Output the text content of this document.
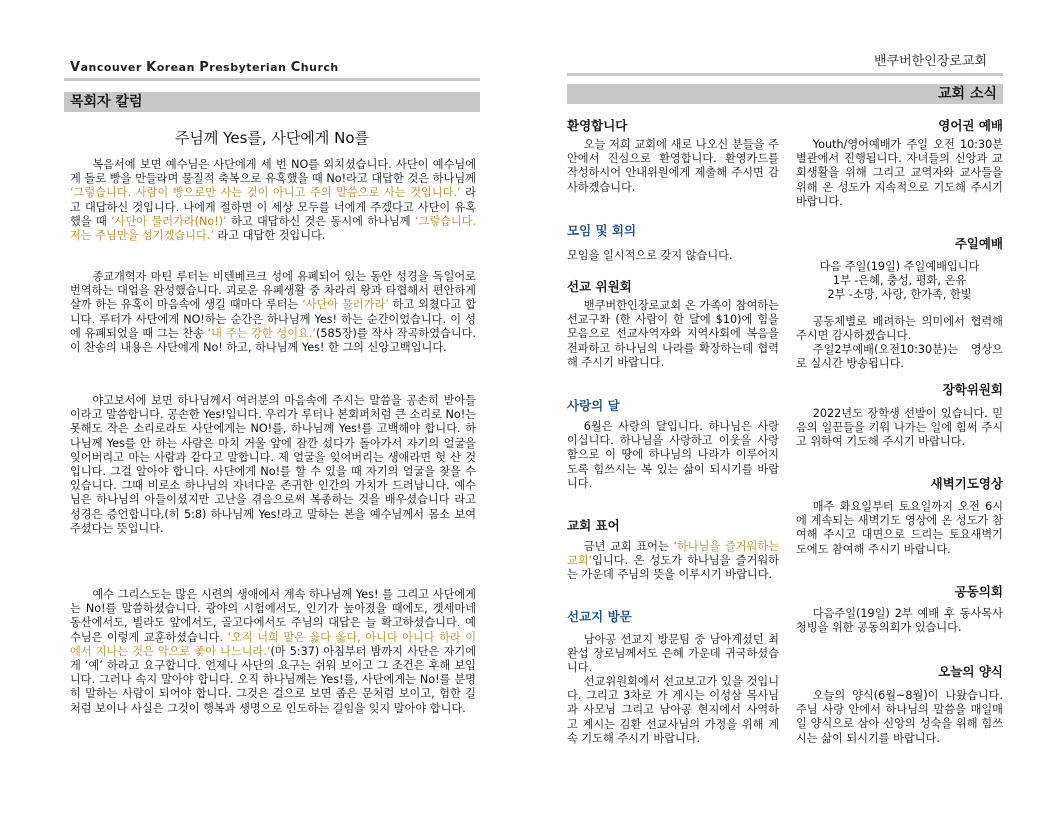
Vancouver Korean Presbyterian Church	밴쿠버한인장로교회
목회자 칼럼
주님께 Yes를, 사단에게 No를

복음서에 보면 예수님은 사단에게 세 번 NO를 외치셨습니다. 사단이 예수님에게 돌로 빵을 만들라며 물질적 축복으로 유혹했을 때 No!라고 대답한 것은 하나님께 ‘그렇습니다. 사람이 빵으로만 사는 것이 아니고 주의 말씀으로 사는 것입니다.’ 라고 대답하신 것입니다. 나에게 절하면 이 세상 모두를 너에게 주겠다고 사단이 유혹했을 때 ‘사단아 물러가라(No!)’ 하고 대답하신 것은 동시에 하나님께 ‘그렇습니다. 저는 주님만을 섬기겠습니다.’ 라고 대답한 것입니다.

종교개혁자 마틴 루터는 비텐베르크 성에 유폐되어 있는 동안 성경을 독일어로 번역하는 대업을 완성했습니다. 괴로운 유폐생활 중 차라리 왕과 타협해서 편안하게 살까 하는 유혹이 마음속에 생길 때마다 루터는 ‘사단아 물러가라’ 하고 외쳤다고 합니다. 루터가 사단에게 NO!하는 순간은 하나님께 Yes! 하는 순간이었습니다. 이 성에 유폐되었을 때 그는 찬송 ‘내 주는 강한 성이요.’(585장)를 작사 작곡하였습니다. 이 찬송의 내용은 사단에게 No! 하고, 하나님께 Yes! 한 그의 신앙고백입니다.

야고보서에 보면 하나님께서 여러분의 마음속에 주시는 말씀을 공손히 받아들이라고 말씀합니다. 공손한 Yes!입니다. 우리가 루터나 본회퍼처럼 큰 소리로 No!는 못해도 작은 소리로라도 사단에게는 NO!를, 하나님께 Yes!를 고백해야 합니다. 하나님께 Yes를 안 하는 사람은 마치 거울 앞에 잠깐 섰다가 돌아가서 자기의 얼굴을 잊어버리고 마는 사람과 같다고 말합니다. 제 얼굴을 잊어버리는 생애라면 헛 산 것입니다. 그걸 알아야 합니다. 사단에게 No!를 할 수 있을 때 자기의 얼굴을 찾을 수 있습니다. 그때 비로소 하나님의 자녀다운 존귀한 인간의 가치가 드러납니다. 예수님은 하나님의 아들이셨지만 고난을 겪음으로써 복종하는 것을 배우셨습니다 라고 성경은 증언합니다.(히 5:8) 하나님께 Yes!라고 말하는 본을 예수님께서 몸소 보여 주셨다는 뜻입니다.

예수 그리스도는 많은 시련의 생애에서 계속 하나님께 Yes! 를 그리고 사단에게는 No!를 말씀하셨습니다. 광야의 시험에서도, 인기가 높아졌을 때에도, 겟세마네 동산에서도, 빌라도 앞에서도, 골고다에서도 주님의 대답은 늘 확고하셨습니다. 예수님은 이렇게 교훈하셨습니다. ‘오직 너희 말은 옳다 옳다, 아니다 아니다 하라 이에서 지나는 것은 악으로 좇아 나느니라.’(마 5:37) 아침부터 밤까지 사단은 자기에게 ‘예’ 하라고 요구합니다. 언제나 사단의 요구는 쉬워 보이고 그 조건은 후해 보입니다. 그러나 속지 말아야 합니다. 오직 하나님께는 Yes!를, 사단에게는 No!를 분명히 말하는 사람이 되어야 합니다. 그것은 걸으로 보면 좁은 문처럼 보이고, 험한 길처럼 보이나 사실은 그것이 행복과 생명으로 인도하는 길임을 잊지 말아야 합니다.

교회 소식
환영합니다

오늘 저희 교회에 새로 나오신 분들을 주 안에서 진심으로 환영합니다. 환영카드를 작성하시어 안내위원에게 제출해 주시면 감사하겠습니다.

모임 및 회의

모임을 일시적으로 갖지 않습니다.

선교 위원회

밴쿠버한인장로교회 온 가족이 참여하는 선교구좌 (한 사람이 한 달에 $10)에 힘을 모음으로 선교사역자와 지역사회에 복음을 전파하고 하나님의 나라를 확장하는데 협력해 주시기 바랍니다.

사랑의 달

6월은 사랑의 달입니다. 하나님은 사랑이십니다. 하나님을 사랑하고 이웃을 사랑함으로 이 땅에 하나님의 나라가 이루어지도록 힘쓰시는 복 있는 삶이 되시기를 바랍니다.

교회 표어

금년 교회 표어는 ‘하나님을 즐거워하는 교회’입니다. 온 성도가 하나님을 즐거워하는 가운데 주님의 뜻을 이루시기 바랍니다.

선교지 방문

남아공 선교지 방문팀 중 남아계셨던 최완섭 장로님께서도 은혜 가운데 귀국하셨습니다.

선교위원회에서 선교보고가 있을 것입니다. 그리고 3차로 가 계시는 이성삼 목사님과 사모님 그리고 남아공 현지에서 사역하고 계시는 김환 선교사님의 가정을 위해 계속 기도해 주시기 바랍니다.

영어권 예배

Youth/영어예배가 주일 오전 10:30분 별관에서 진행됩니다. 자녀들의 신앙과 교회생활을 위해 그리고 교역자와 교사들을 위해 온 성도가 지속적으로 기도해 주시기 바랍니다.

주일예배

다음 주일(19일) 주일예배입니다

1부 -은혜, 충성, 평화, 온유

2부 -소망, 사랑, 한가족, 한빛

공동체별로 배려하는 의미에서 협력해 주시면 감사하겠습니다.

주일2부예배(오전10:30분)는 영상으로 실시간 방송됩니다.

장학위원회

2022년도 장학생 선발이 있습니다. 믿음의 일꾼들을 키워 나가는 일에 힘써 주시고 위하여 기도해 주시기 바랍니다.

새벽기도영상

매주 화요일부터 토요일까지 오전 6시에 계속되는 새벽기도 영상에 온 성도가 참여해 주시고 대면으로 드리는 토요새벽기도에도 참여해 주시기 바랍니다.

공동의회

다음주일(19일) 2부 예배 후 동사목사 청빙을 위한 공동의회가 있습니다.

오늘의 양식

오늘의 양식(6월~8월)이 나왔습니다. 주님 사랑 안에서 하나님의 말씀을 매일매일 양식으로 삼아 신앙의 성숙을 위해 힘쓰시는 삶이 되시기를 바랍니다.
